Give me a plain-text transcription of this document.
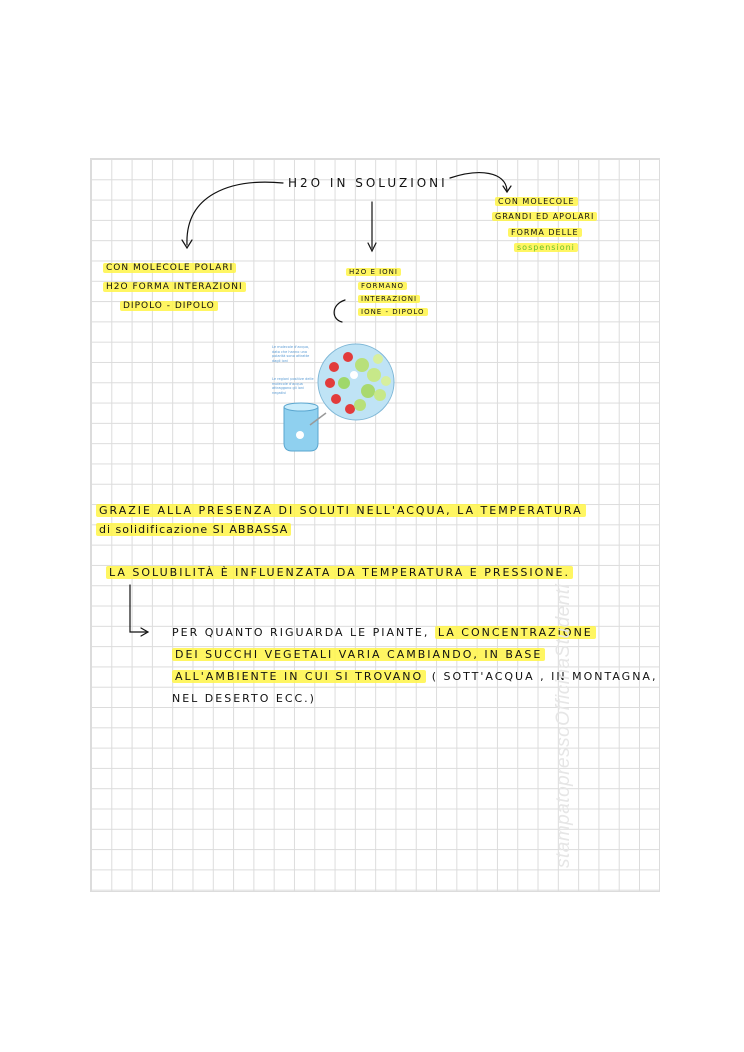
H2O IN SOLUZIONI
CON MOLECOLE POLARI
H2O FORMA INTERAZIONI
DIPOLO - DIPOLO
H2O E IONI
FORMANO
INTERAZIONI
IONE - DIPOLO
CON MOLECOLE
GRANDI ED APOLARI
FORMA DELLE
sospensioni
Le molecole d'acqua, dato che hanno una polarità sono attratte dagli ioni
Le regioni positive delle molecole d'acqua attraggono gli ioni negativi
GRAZIE ALLA PRESENZA DI SOLUTI NELL'ACQUA, LA TEMPERATURA
di solidificazione SI ABBASSA
LA SOLUBILITÀ È INFLUENZATA DA TEMPERATURA E PRESSIONE.
PER QUANTO RIGUARDA LE PIANTE, LA CONCENTRAZIONE
DEI SUCCHI VEGETALI VARIA CAMBIANDO, IN BASE
ALL'AMBIENTE IN CUI SI TROVANO ( SOTT'ACQUA , IN MONTAGNA,
NEL DESERTO ECC.)	stampatopressoOfficinaStudenti
